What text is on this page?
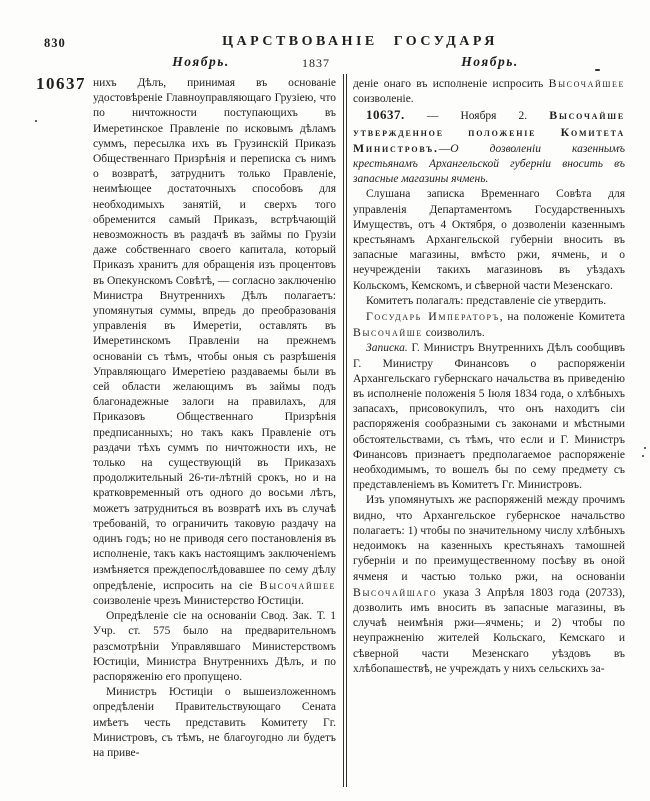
830	ЦАРСТВОВАНІЕ ГОСУДАРЯ
Ноябрь.	1837	Ноябрь.
10637 нихъ Дѣлъ, принимая въ основаніе удостовѣреніе Главноуправляющаго Грузіею, что по ничтожности поступающихъ въ Имеретинское Правленіе по исковымъ дѣламъ суммъ, пересылка ихъ въ Грузинскій Приказъ Общественнаго Призрѣнія и переписка съ нимъ о возвратѣ, затруднитъ только Правленіе, неимѣющее достаточныхъ способовъ для необходимыхъ занятій, и сверхъ того обременится самый Приказъ, встрѣчающій невозможность въ раздачѣ въ займы по Грузіи даже собственнаго своего капитала, который Приказъ хранитъ для обращенія изъ процентовъ въ Опекунскомъ Совѣтѣ, — согласно заключенію Министра Внутреннихъ Дѣлъ полагаетъ: упомянутыя суммы, впредь до преобразованія управленія въ Имеретіи, оставлять въ Имеретинскомъ Правленіи на прежнемъ основаніи съ тѣмъ, чтобы оныя съ разрѣшенія Управляющаго Имеретіею раздаваемы были въ сей области желающимъ въ займы подъ благонадежные залоги на правилахъ, для Приказовъ Общественнаго Призрѣнія предписанныхъ; но такъ какъ Правленіе отъ раздачи тѣхъ суммъ по ничтожности ихъ, не только на существующій въ Приказахъ продолжительный 26-ти-лѣтній срокъ, но и на кратковременный отъ одного до восьми лѣтъ, можетъ затрудниться въ возвратѣ ихъ въ случаѣ требованій, то ограничить таковую раздачу на одинъ годъ; но не приводя сего постановленія въ исполненіе, такъ какъ настоящимъ заключеніемъ измѣняется преждепослѣдовавшее по сему дѣлу опредѣленіе, испросить на сіе Высочайшее соизволеніе чрезъ Министерство Юстиціи.

Опредѣленіе сіе на основаніи Свод. Зак. Т. 1 Учр. ст. 575 было на предварительномъ разсмотрѣніи Управлявшаго Министерствомъ Юстиціи, Министра Внутреннихъ Дѣлъ, и по распоряженію его пропущено.

Министръ Юстиціи о вышеизложенномъ опредѣленіи Правительствующаго Сената имѣетъ честь представить Комитету Гг. Министровъ, съ тѣмъ, не благоугодно ли будетъ на приве-

деніе онаго въ исполненіе испросить Высочайшее соизволеніе.

10637. — Ноября 2. Высочайше утвержденное положеніе Комитета Министровъ.—О дозволеніи казеннымъ крестьянамъ Архангельской губерніи вносить въ запасные магазины ячмень.

Слушана записка Временнаго Совѣта для управленія Департаментомъ Государственныхъ Имуществъ, отъ 4 Октября, о дозволеніи казеннымъ крестьянамъ Архангельской губерніи вносить въ запасные магазины, вмѣсто ржи, ячмень, и о неучрежденіи такихъ магазиновъ въ уѣздахъ Кольскомъ, Кемскомъ, и сѣверной части Мезенскаго.

Комитетъ полагалъ: представленіе сіе утвердить.

Государь Императоръ, на положеніе Комитета Высочайше соизволилъ.

Записка. Г. Министръ Внутреннихъ Дѣлъ сообщивъ Г. Министру Финансовъ о распоряженіи Архангельскаго губернскаго начальства въ приведенію въ исполненіе положенія 5 Іюля 1834 года, о хлѣбныхъ запасахъ, присовокупилъ, что онъ находитъ сіи распоряженія сообразными съ законами и мѣстными обстоятельствами, съ тѣмъ, что если и Г. Министръ Финансовъ признаетъ предполагаемое распоряженіе необходимымъ, то вошелъ бы по сему предмету съ представленіемъ въ Комитетъ Гг. Министровъ.

Изъ упомянутыхъ же распоряженій между прочимъ видно, что Архангельское губернское начальство полагаетъ: 1) чтобы по значительному числу хлѣбныхъ недоимокъ на казенныхъ крестьянахъ тамошней губерніи и по преимущественному посѣву въ оной ячменя и частью только ржи, на основаніи Высочайшаго указа 3 Апрѣля 1803 года (20733), дозволить имъ вносить въ запасные магазины, въ случаѣ неимѣнія ржи—ячмень; и 2) чтобы по неупражненію жителей Кольскаго, Кемскаго и сѣверной части Мезенскаго уѣздовъ въ хлѣбопашествѣ, не учреждать у нихъ сельскихъ за-
